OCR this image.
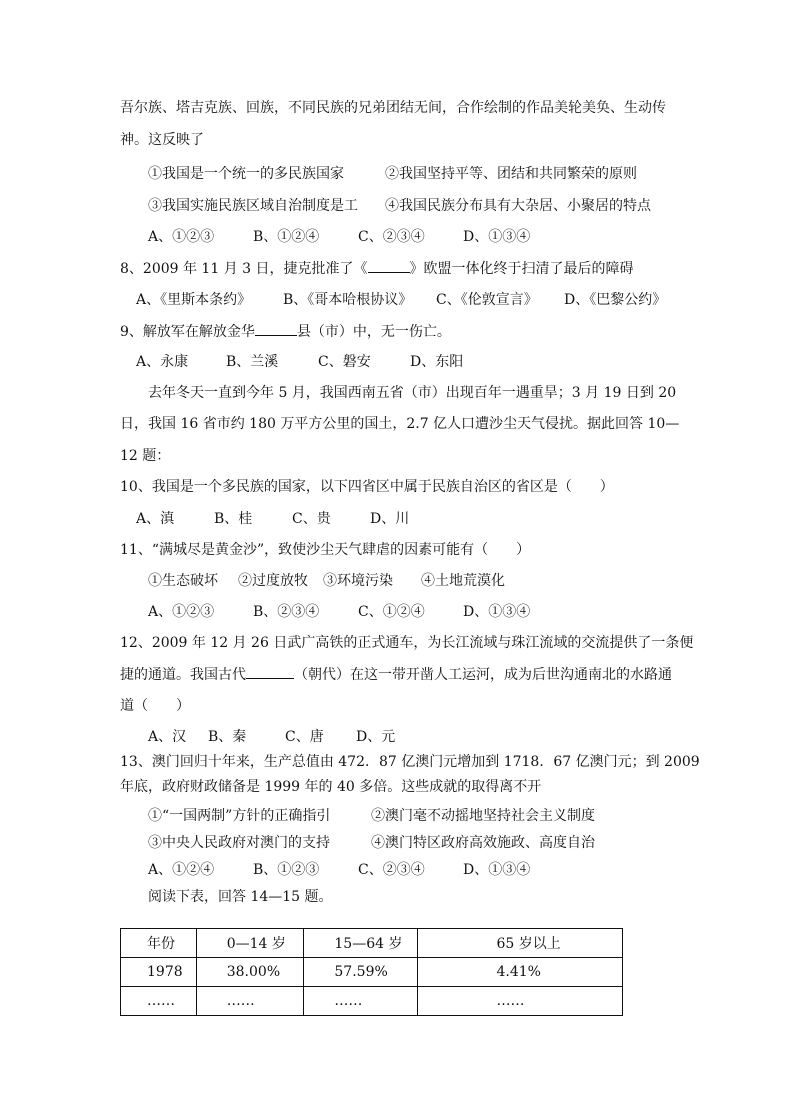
吾尔族、塔吉克族、回族，不同民族的兄弟团结无间，合作绘制的作品美轮美奂、生动传
神。这反映了
①我国是一个统一的多民族国家	②我国坚持平等、团结和共同繁荣的原则
③我国实施民族区域自治制度是工 ④我国民族分布具有大杂居、小聚居的特点
A、①②③	B、①②④	C、②③④	D、①③④
8、2009 年 11 月 3 日，捷克批准了《	》欧盟一体化终于扫清了最后的障碍
A、《里斯本条约》 B、《哥本哈根协议》 C、《伦敦宣言》 D、《巴黎公约》
9、解放军在解放金华	县（市）中，无一伤亡。
A、永康	B、兰溪	C、磐安	D、东阳
去年冬天一直到今年 5 月，我国西南五省（市）出现百年一遇重旱；3 月 19 日到 20
日，我国 16 省市约 180 万平方公里的国土，2.7 亿人口遭沙尘天气侵扰。据此回答 10—
12 题：
10、我国是一个多民族的国家，以下四省区中属于民族自治区的省区是（　　）
A、滇	B、桂	C、贵	D、川
11、“满城尽是黄金沙”，致使沙尘天气肆虐的因素可能有（　　）
①生态破坏 ②过度放牧 ③环境污染 ④土地荒漠化
A、①②③	B、②③④	C、①②④	D、①③④
12、2009 年 12 月 26 日武广高铁的正式通车，为长江流域与珠江流域的交流提供了一条便
捷的通道。我国古代	（朝代）在这一带开凿人工运河，成为后世沟通南北的水路通
道（　　）
A、汉 B、秦	C、唐 D、元
13、澳门回归十年来，生产总值由 472．87 亿澳门元增加到 1718．67 亿澳门元；到 2009
年底，政府财政储备是 1999 年的 40 多倍。这些成就的取得离不开
①“一国两制”方针的正确指引	②澳门毫不动摇地坚持社会主义制度
③中央人民政府对澳门的支持	④澳门特区政府高效施政、高度自治
A、①②④	B、①②③	C、②③④	D、①③④
阅读下表，回答 14—15 题。
年份	0—14 岁	15—64 岁	65 岁以上
1978	38.00%	57.59%	4.41%
……	……	……	……
